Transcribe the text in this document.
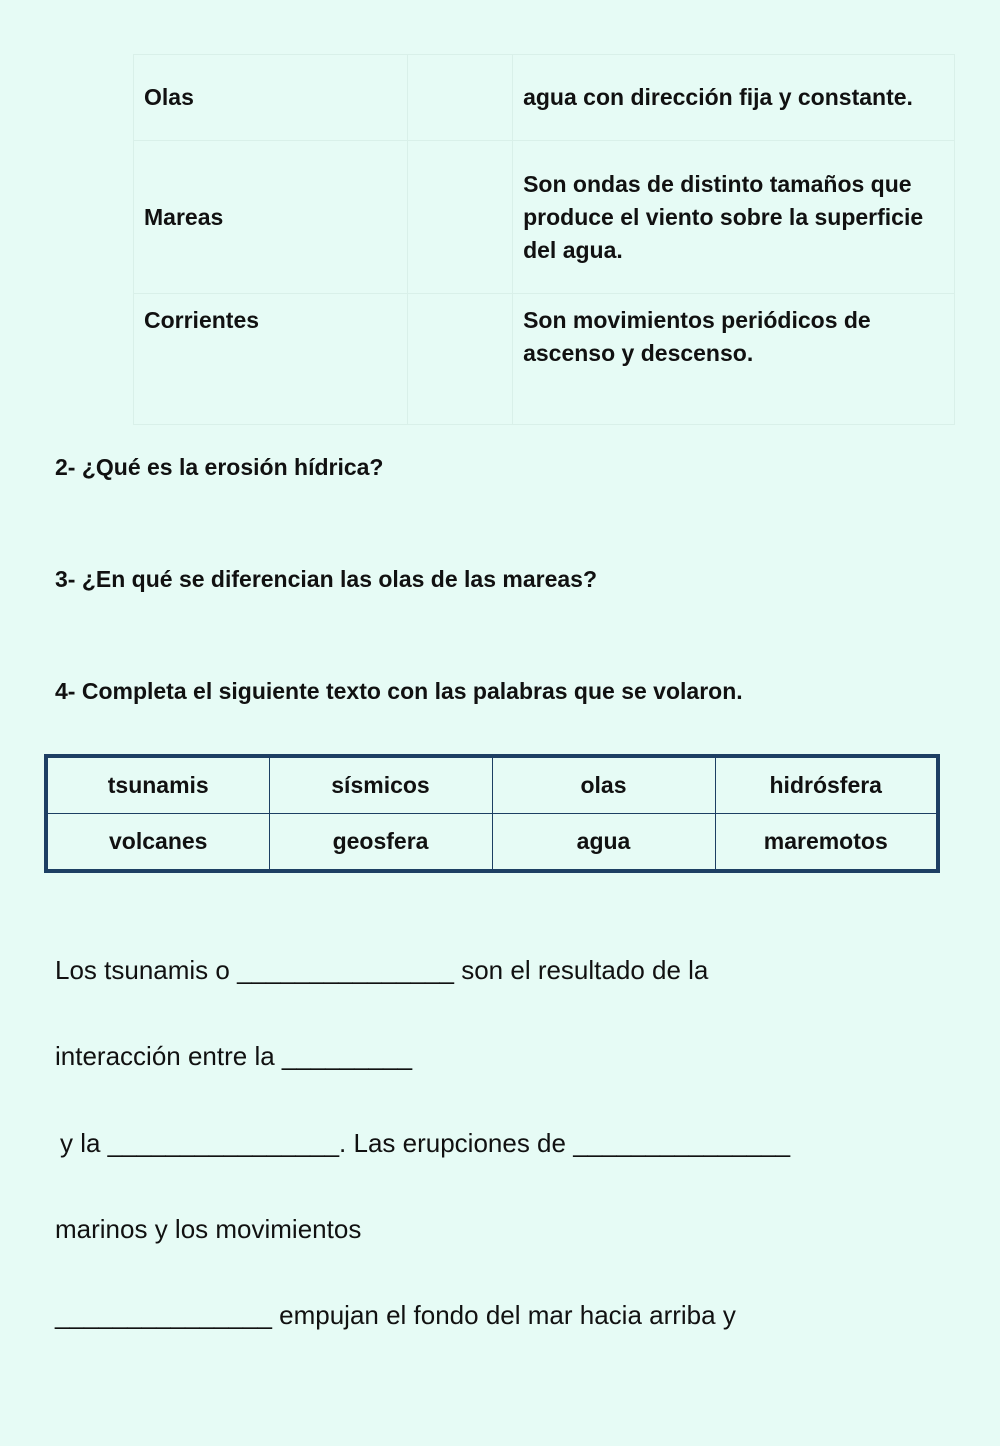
Olas		agua con dirección fija y constante.
Mareas		Son ondas de distinto tamaños que produce el viento sobre la superficie del agua.
Corrientes		Son movimientos periódicos de ascenso y descenso.
2- ¿Qué es la erosión hídrica?
3- ¿En qué se diferencian las olas de las mareas?
4- Completa el siguiente texto con las palabras que se volaron.
tsunamis	sísmicos	olas	hidrósfera
volcanes	geosfera	agua	maremotos
Los tsunamis o _______________ son el resultado de la
interacción entre la _________
y la ________________. Las erupciones de _______________
marinos y los movimientos
_______________ empujan el fondo del mar hacia arriba y
